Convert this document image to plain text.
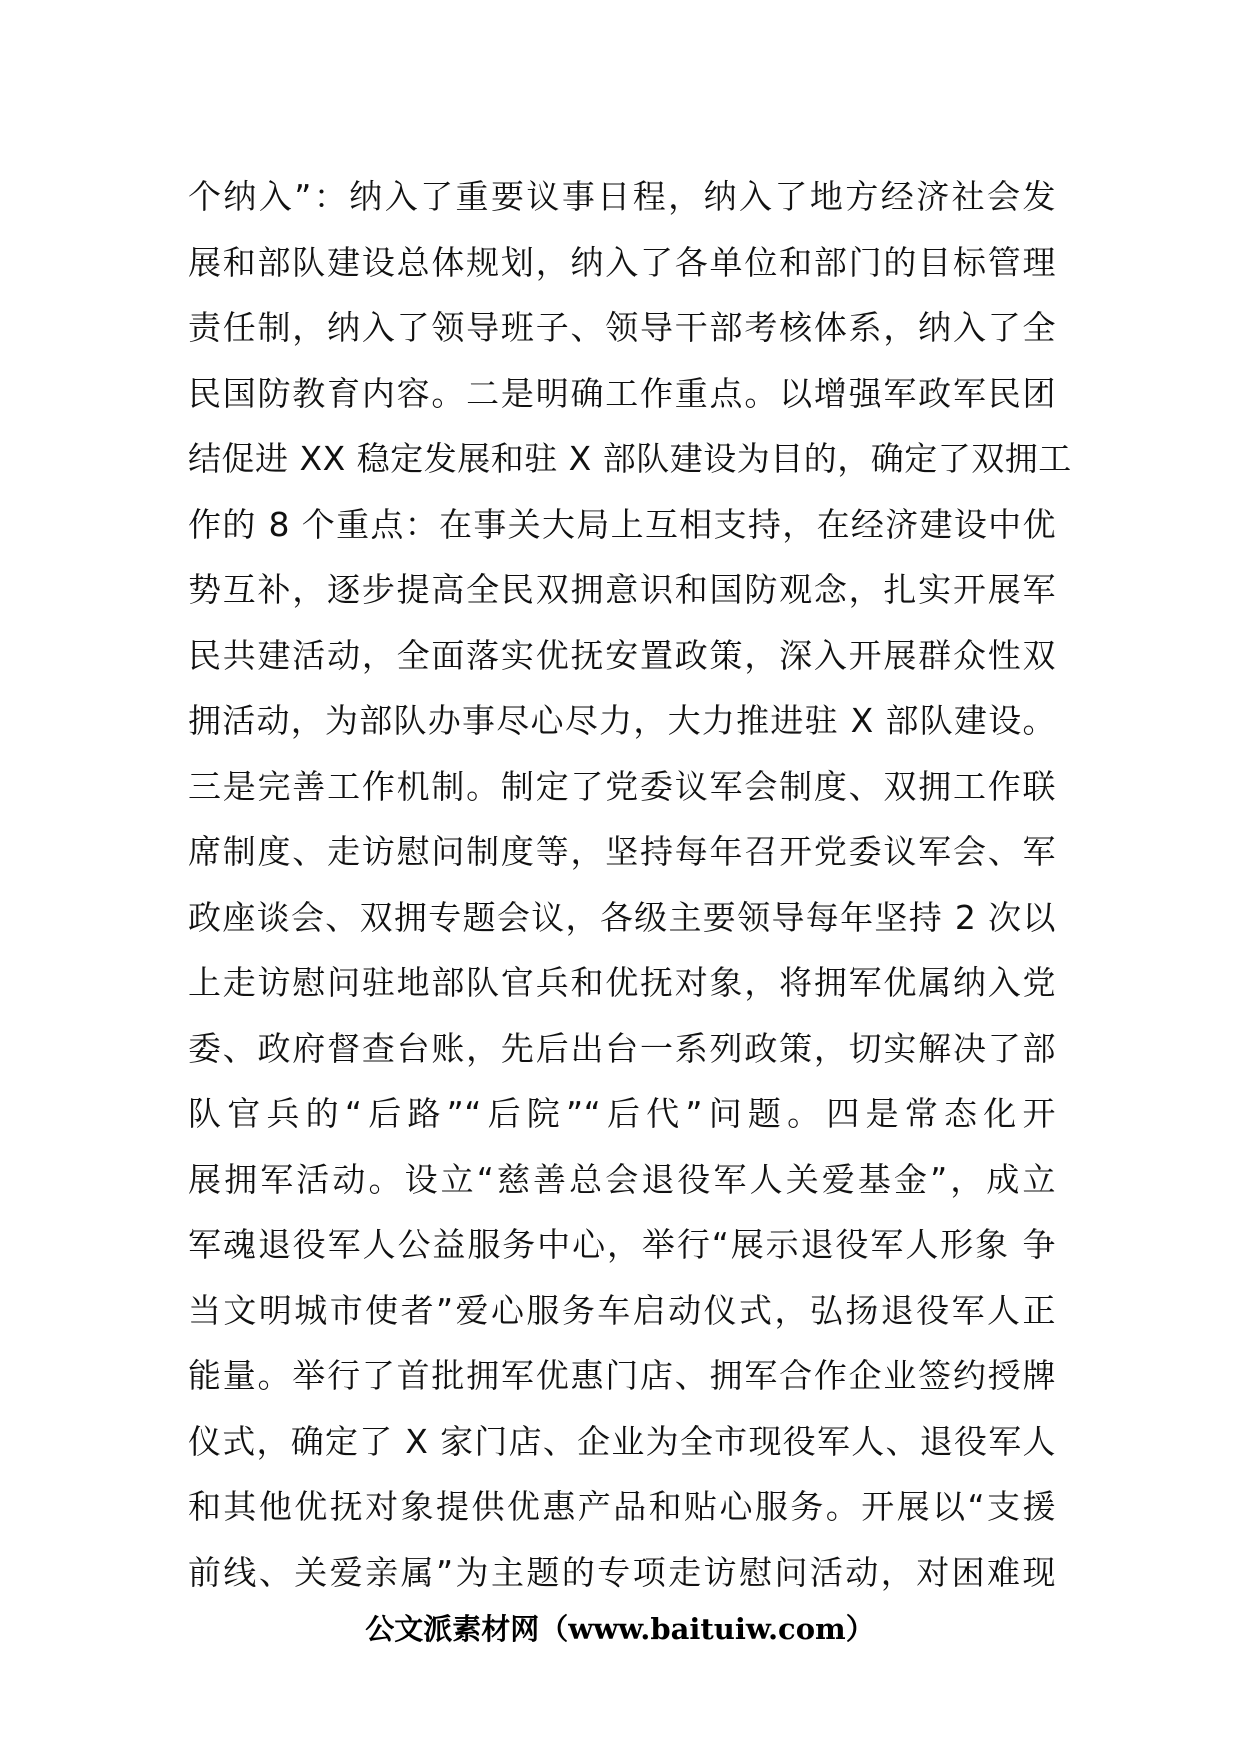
个纳入”：纳入了重要议事日程，纳入了地方经济社会发
展和部队建设总体规划，纳入了各单位和部门的目标管理
责任制，纳入了领导班子、领导干部考核体系，纳入了全
民国防教育内容。二是明确工作重点。以增强军政军民团
结促进 XX 稳定发展和驻 X 部队建设为目的，确定了双拥工
作的 8 个重点：在事关大局上互相支持，在经济建设中优
势互补，逐步提高全民双拥意识和国防观念，扎实开展军
民共建活动，全面落实优抚安置政策，深入开展群众性双
拥活动，为部队办事尽心尽力，大力推进驻 X 部队建设。
三是完善工作机制。制定了党委议军会制度、双拥工作联
席制度、走访慰问制度等，坚持每年召开党委议军会、军
政座谈会、双拥专题会议，各级主要领导每年坚持 2 次以
上走访慰问驻地部队官兵和优抚对象，将拥军优属纳入党
委、政府督查台账，先后出台一系列政策，切实解决了部
队官兵的“后路”“后院”“后代”问题。四是常态化开
展拥军活动。设立“慈善总会退役军人关爱基金”，成立
军魂退役军人公益服务中心，举行“展示退役军人形象 争
当文明城市使者”爱心服务车启动仪式，弘扬退役军人正
能量。举行了首批拥军优惠门店、拥军合作企业签约授牌
仪式，确定了 X 家门店、企业为全市现役军人、退役军人
和其他优抚对象提供优惠产品和贴心服务。开展以“支援
前线、关爱亲属”为主题的专项走访慰问活动，对困难现
公文派素材网（www.baituiw.com）
